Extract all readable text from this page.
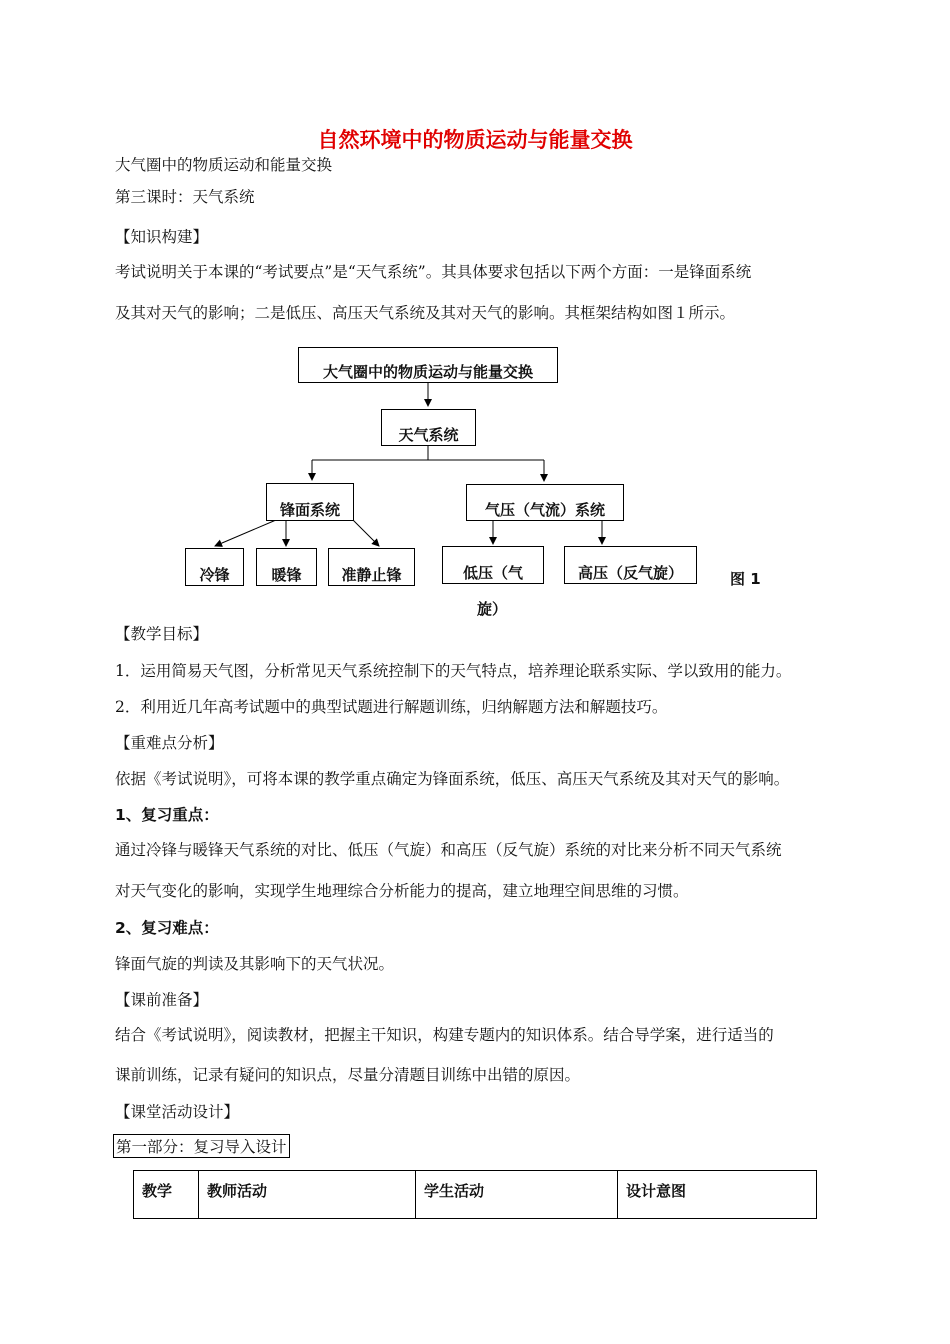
自然环境中的物质运动与能量交换
大气圈中的物质运动和能量交换
第三课时：天气系统
【知识构建】
考试说明关于本课的“考试要点”是“天气系统”。其具体要求包括以下两个方面：一是锋面系统
及其对天气的影响；二是低压、高压天气系统及其对天气的影响。其框架结构如图１所示。
大气圈中的物质运动与能量交换
天气系统
锋面系统	气压（气流）系统
冷锋	暖锋	准静止锋	低压（气
旋）
高压（反气旋）	图 1
【教学目标】
1．运用简易天气图，分析常见天气系统控制下的天气特点，培养理论联系实际、学以致用的能力。
2．利用近几年高考试题中的典型试题进行解题训练，归纳解题方法和解题技巧。
【重难点分析】
依据《考试说明》，可将本课的教学重点确定为锋面系统，低压、高压天气系统及其对天气的影响。
1、复习重点：
通过冷锋与暖锋天气系统的对比、低压（气旋）和高压（反气旋）系统的对比来分析不同天气系统
对天气变化的影响，实现学生地理综合分析能力的提高，建立地理空间思维的习惯。
2、复习难点：
锋面气旋的判读及其影响下的天气状况。
【课前准备】
结合《考试说明》，阅读教材，把握主干知识，构建专题内的知识体系。结合导学案，进行适当的
课前训练，记录有疑问的知识点，尽量分清题目训练中出错的原因。
【课堂活动设计】
第一部分：复习导入设计
教学	教师活动	学生活动	设计意图
